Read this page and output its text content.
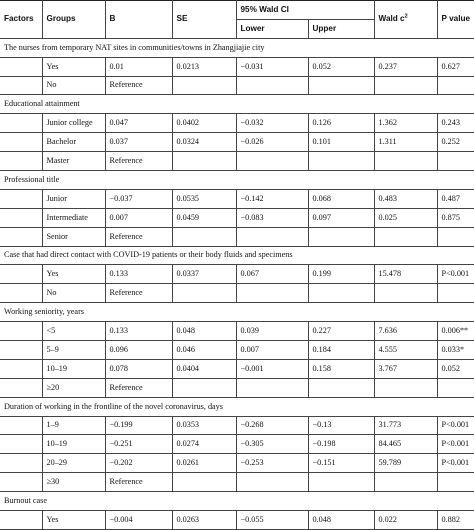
Factors	Groups	B	SE	95% Wald CI		Wald $c^2$	P value
				Lower	Upper		
The nurses from temporary NAT sites in communities/towns in Zhangjiajie city							
	Yes	0.01	0.0213	−0.031	0.052	0.237	0.627
	No	Reference					
Educational attainment							
	Junior college	0.047	0.0402	−0.032	0.126	1.362	0.243
	Bachelor	0.037	0.0324	−0.026	0.101	1.311	0.252
	Master	Reference					
Professional title							
	Junior	−0.037	0.0535	−0.142	0.068	0.483	0.487
	Intermediate	0.007	0.0459	−0.083	0.097	0.025	0.875
	Senior	Reference					
Case that had direct contact with COVID-19 patients or their body fluids and specimens							
	Yes	0.133	0.0337	0.067	0.199	15.478	P<0.001
	No	Reference					
Working seniority, years							
	<5	0.133	0.048	0.039	0.227	7.636	0.006**
	5–9	0.096	0.046	0.007	0.184	4.555	0.033*
	10–19	0.078	0.0404	−0.001	0.158	3.767	0.052
	≥20	Reference					
Duration of working in the frontline of the novel coronavirus, days							
	1–9	−0.199	0.0353	−0.268	−0.13	31.773	P<0.001
	10–19	−0.251	0.0274	−0.305	−0.198	84.465	P<0.001
	20–29	−0.202	0.0261	−0.253	−0.151	59.789	P<0.001
	≥30	Reference					
Burnout case							
	Yes	−0.004	0.0263	−0.055	0.048	0.022	0.882
